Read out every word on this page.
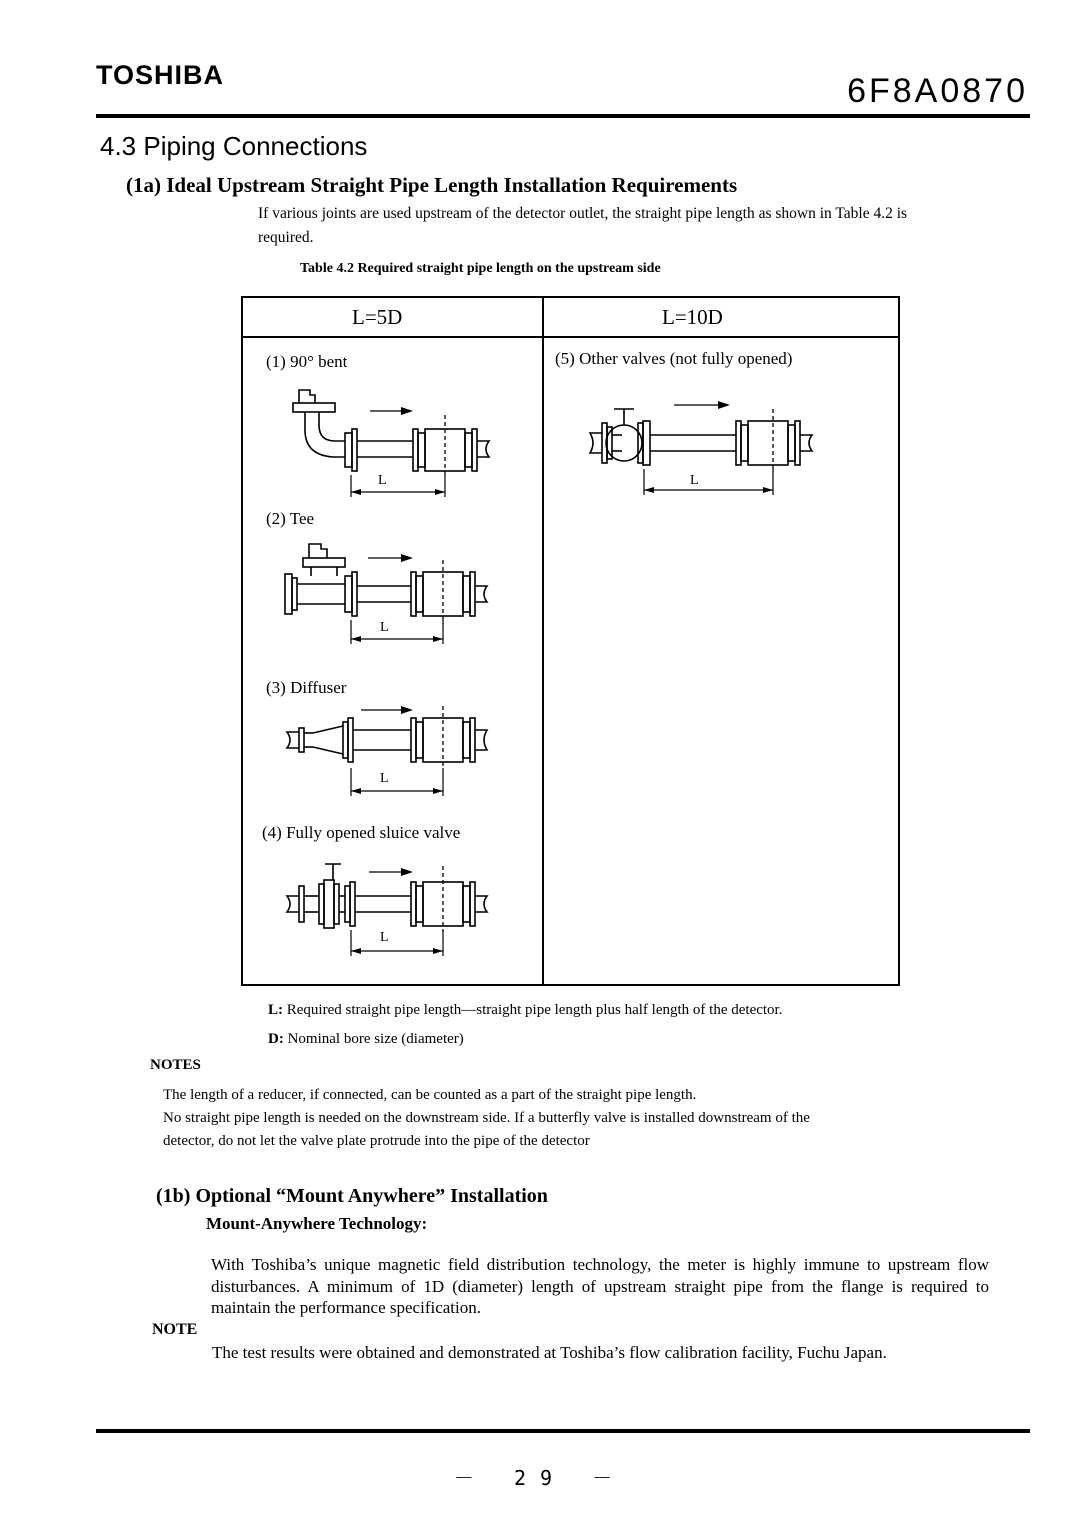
TOSHIBA	6F8A0870
4.3 Piping Connections
(1a) Ideal Upstream Straight Pipe Length Installation Requirements
If various joints are used upstream of the detector outlet, the straight pipe length as shown in Table 4.2 is required.
Table 4.2 Required straight pipe length on the upstream side
L=5D	L=10D
(1) 90° bent
(2) Tee
(3) Diffuser
(4) Fully opened sluice valve
(5) Other valves (not fully opened)
L
L
L
L
L
L: Required straight pipe length—straight pipe length plus half length of the detector.
D: Nominal bore size (diameter)
NOTES
The length of a reducer, if connected, can be counted as a part of the straight pipe length.
No straight pipe length is needed on the downstream side. If a butterfly valve is installed downstream of the
detector, do not let the valve plate protrude into the pipe of the detector
(1b) Optional “Mount Anywhere” Installation
Mount-Anywhere Technology:
With Toshiba’s unique magnetic field distribution technology, the meter is highly immune to upstream flow disturbances. A minimum of 1D (diameter) length of upstream straight pipe from the flange is required to maintain the performance specification.
NOTE
The test results were obtained and demonstrated at Toshiba’s flow calibration facility, Fuchu Japan.
－ 29 －
